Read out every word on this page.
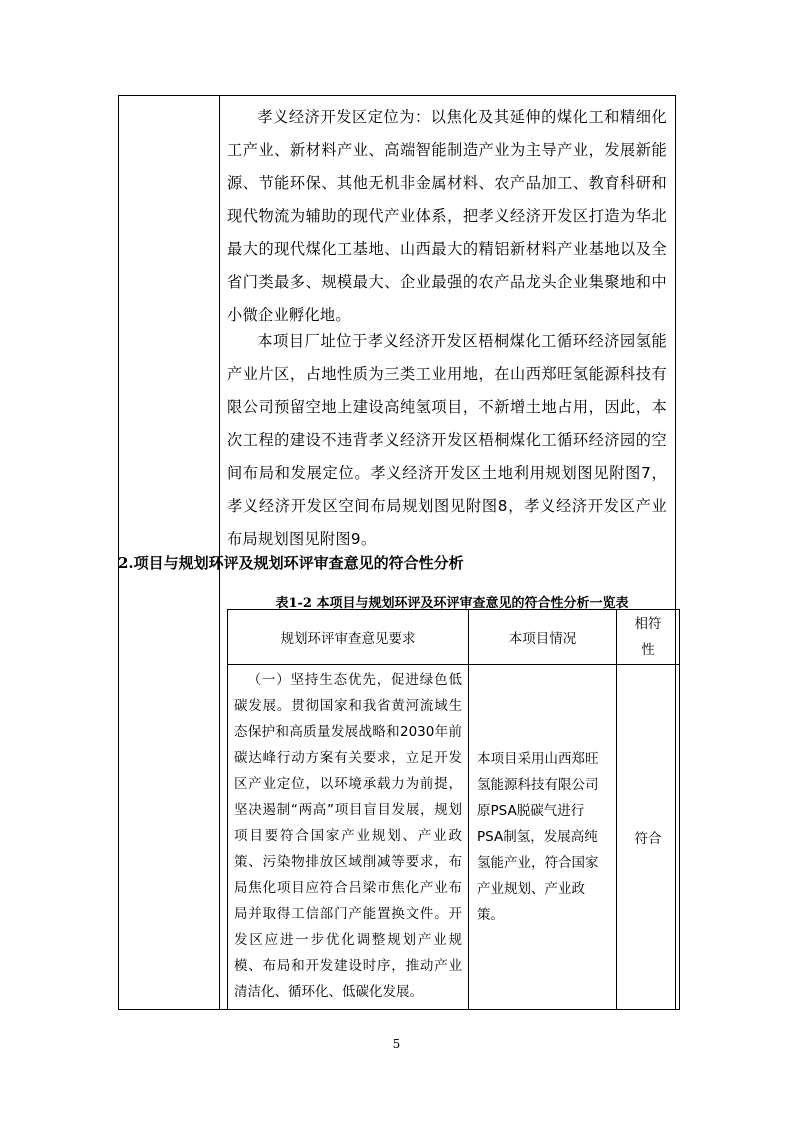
孝义经济开发区定位为：以焦化及其延伸的煤化工和精细化工产业、新材料产业、高端智能制造产业为主导产业，发展新能源、节能环保、其他无机非金属材料、农产品加工、教育科研和现代物流为辅助的现代产业体系，把孝义经济开发区打造为华北最大的现代煤化工基地、山西最大的精铝新材料产业基地以及全省门类最多、规模最大、企业最强的农产品龙头企业集聚地和中小微企业孵化地。

本项目厂址位于孝义经济开发区梧桐煤化工循环经济园氢能产业片区，占地性质为三类工业用地，在山西郑旺氢能源科技有限公司预留空地上建设高纯氢项目，不新增土地占用，因此，本次工程的建设不违背孝义经济开发区梧桐煤化工循环经济园的空间布局和发展定位。孝义经济开发区土地利用规划图见附图7，孝义经济开发区空间布局规划图见附图8，孝义经济开发区产业布局规划图见附图9。

2.项目与规划环评及规划环评审查意见的符合性分析
表1-2 本项目与规划环评及环评审查意见的符合性分析一览表
规划环评审查意见要求	本项目情况	相符性

（一）坚持生态优先，促进绿色低碳发展。贯彻国家和我省黄河流域生态保护和高质量发展战略和2030年前碳达峰行动方案有关要求，立足开发区产业定位，以环境承载力为前提，坚决遏制“两高”项目盲目发展，规划项目要符合国家产业规划、产业政策、污染物排放区域削减等要求，布局焦化项目应符合吕梁市焦化产业布局并取得工信部门产能置换文件。开发区应进一步优化调整规划产业规模、布局和开发建设时序，推动产业清洁化、循环化、低碳化发展。	本项目采用山西郑旺氢能源科技有限公司原PSA脱碳气进行PSA制氢，发展高纯氢能产业，符合国家产业规划、产业政策。	符合
5
